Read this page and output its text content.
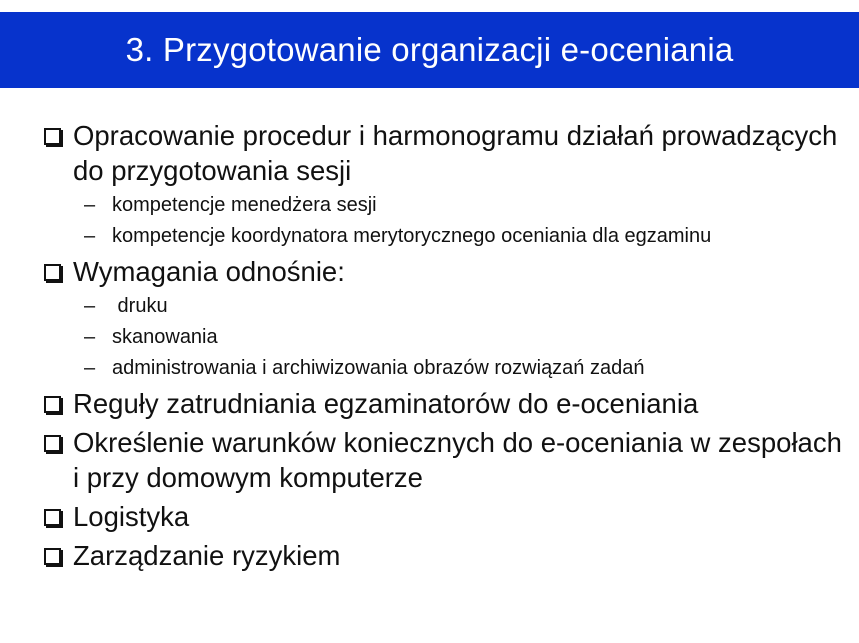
3. Przygotowanie organizacji e-oceniania
Opracowanie procedur i harmonogramu działań prowadzących do przygotowania sesji
– kompetencje menedżera sesji
– kompetencje koordynatora merytorycznego oceniania dla egzaminu
Wymagania odnośnie:
– druku
– skanowania
– administrowania i archiwizowania obrazów rozwiązań zadań
Reguły zatrudniania egzaminatorów do e-oceniania
Określenie warunków koniecznych do e-oceniania w zespołach i przy domowym komputerze
Logistyka
Zarządzanie ryzykiem
